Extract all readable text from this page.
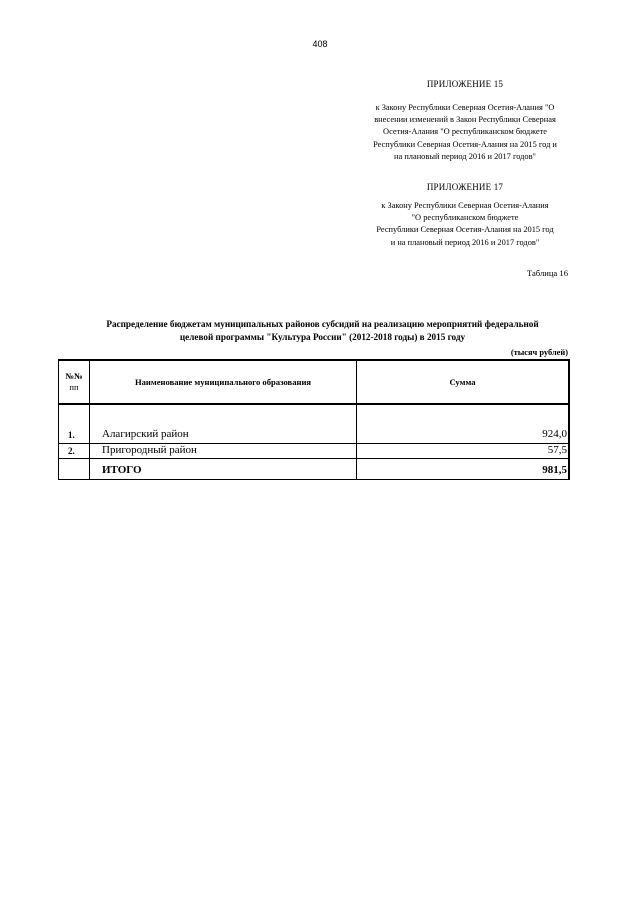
408
ПРИЛОЖЕНИЕ 15
к Закону Республики Северная Осетия-Алания "О
внесении изменений в Закон Республики Северная
Осетия-Алания "О республиканском бюджете
Республики Северная Осетия-Алания на 2015 год и
на плановый период 2016 и 2017 годов"
ПРИЛОЖЕНИЕ 17
к Закону Республики Северная Осетия-Алания
"О республиканском бюджете
Республики Северная Осетия-Алания на 2015 год
и на плановый период 2016 и 2017 годов"
Таблица 16
Распределение бюджетам муниципальных районов субсидий на реализацию мероприятий федеральной
целевой программы "Культура России" (2012-2018 годы) в 2015 году
(тысяч рублей)
№№
пп	Наименование муниципального образования	Сумма
1. Алагирский район	924,0
2. Пригородный район	57,5
ИТОГО	981,5
